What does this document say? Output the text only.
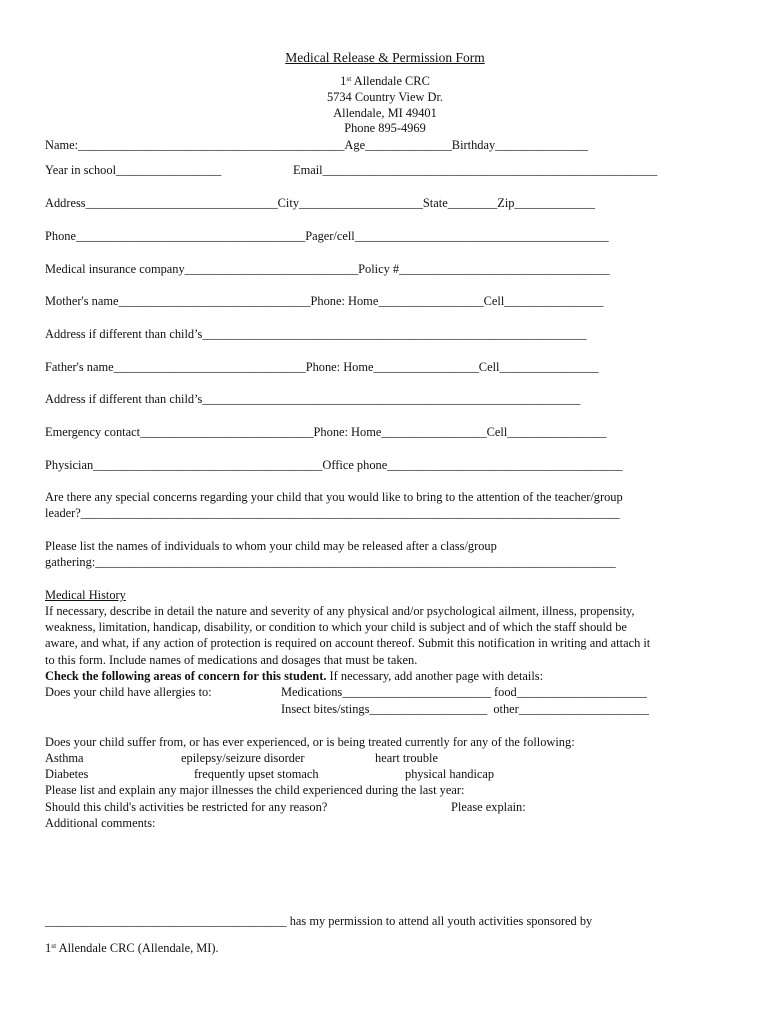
Medical Release & Permission Form
1st Allendale CRC
5734 Country View Dr.
Allendale, MI 49401
Phone 895-4969
Name:___________________________________________Age______________Birthday_______________
Year in school_________________	Email______________________________________________________
Address_______________________________City____________________State________Zip_____________
Phone_____________________________________Pager/cell_________________________________________
Medical insurance company____________________________Policy #__________________________________
Mother's name_______________________________Phone: Home_________________Cell________________
Address if different than child’s______________________________________________________________
Father's name_______________________________Phone: Home_________________Cell________________
Address if different than child’s_____________________________________________________________
Emergency contact____________________________Phone: Home_________________Cell________________
Physician_____________________________________Office phone______________________________________
Are there any special concerns regarding your child that you would like to bring to the attention of the teacher/group
leader?_______________________________________________________________________________________
Please list the names of individuals to whom your child may be released after a class/group
gathering:____________________________________________________________________________________
Medical History
If necessary, describe in detail the nature and severity of any physical and/or psychological ailment, illness, propensity,
weakness, limitation, handicap, disability, or condition to which your child is subject and of which the staff should be
aware, and what, if any action of protection is required on account thereof. Submit this notification in writing and attach it
to this form. Include names of medications and dosages that must be taken.
Check the following areas of concern for this student. If necessary, add another page with details:
Does your child have allergies to:	Medications________________________ food_____________________
Insect bites/stings___________________  other_____________________
Does your child suffer from, or has ever experienced, or is being treated currently for any of the following:
Asthma	epilepsy/seizure disorder	heart trouble
Diabetes	frequently upset stomach	physical handicap
Please list and explain any major illnesses the child experienced during the last year:
Should this child's activities be restricted for any reason?	Please explain:
Additional comments:
_______________________________________ has my permission to attend all youth activities sponsored by
1st Allendale CRC (Allendale, MI).
